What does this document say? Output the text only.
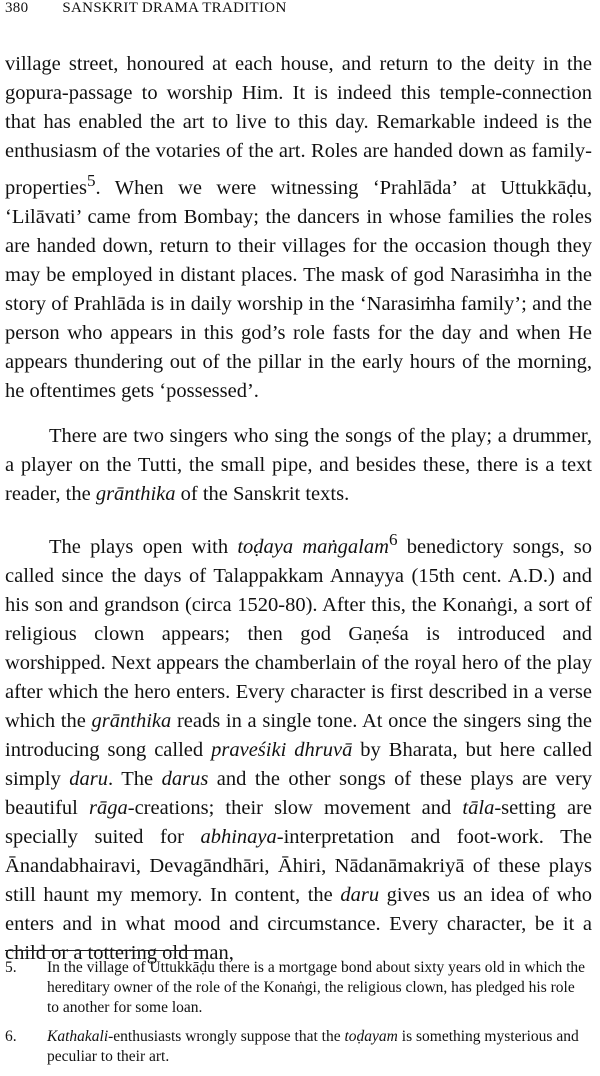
380 SANSKRIT DRAMA TRADITION

village street, honoured at each house, and return to the deity in the gopura-passage to worship Him. It is indeed this temple-connection that has enabled the art to live to this day. Remarkable indeed is the enthusiasm of the votaries of the art. Roles are handed down as family-properties$^5$. When we were witnessing ‘Prahlāda’ at Uttukkāḍu, ‘Lilāvati’ came from Bombay; the dancers in whose families the roles are handed down, return to their villages for the occasion though they may be employed in distant places. The mask of god Narasiṁha in the story of Prahlāda is in daily worship in the ‘Narasiṁha family’; and the person who appears in this god’s role fasts for the day and when He appears thundering out of the pillar in the early hours of the morning, he oftentimes gets ‘possessed’.

There are two singers who sing the songs of the play; a drummer, a player on the Tutti, the small pipe, and besides these, there is a text reader, the grānthika of the Sanskrit texts.

The plays open with toḍaya maṅgalam$^6$ benedictory songs, so called since the days of Talappakkam Annayya (15th cent. A.D.) and his son and grandson (circa 1520-80). After this, the Konaṅgi, a sort of religious clown appears; then god Gaṇeśa is introduced and worshipped. Next appears the chamberlain of the royal hero of the play after which the hero enters. Every character is first described in a verse which the grānthika reads in a single tone. At once the singers sing the introducing song called praveśiki dhruvā by Bharata, but here called simply daru. The darus and the other songs of these plays are very beautiful rāga-creations; their slow movement and tāla-setting are specially suited for abhinaya-interpretation and foot-work. The Ānandabhairavi, Devagāndhāri, Āhiri, Nādanāmakriyā of these plays still haunt my memory. In content, the daru gives us an idea of who enters and in what mood and circumstance. Every character, be it a child or a tottering old man,

5.	In the village of Uttukkāḍu there is a mortgage bond about sixty years old in which the hereditary owner of the role of the Konaṅgi, the religious clown, has pledged his role to another for some loan.
6.	Kathakali-enthusiasts wrongly suppose that the toḍayam is something mysterious and peculiar to their art.
